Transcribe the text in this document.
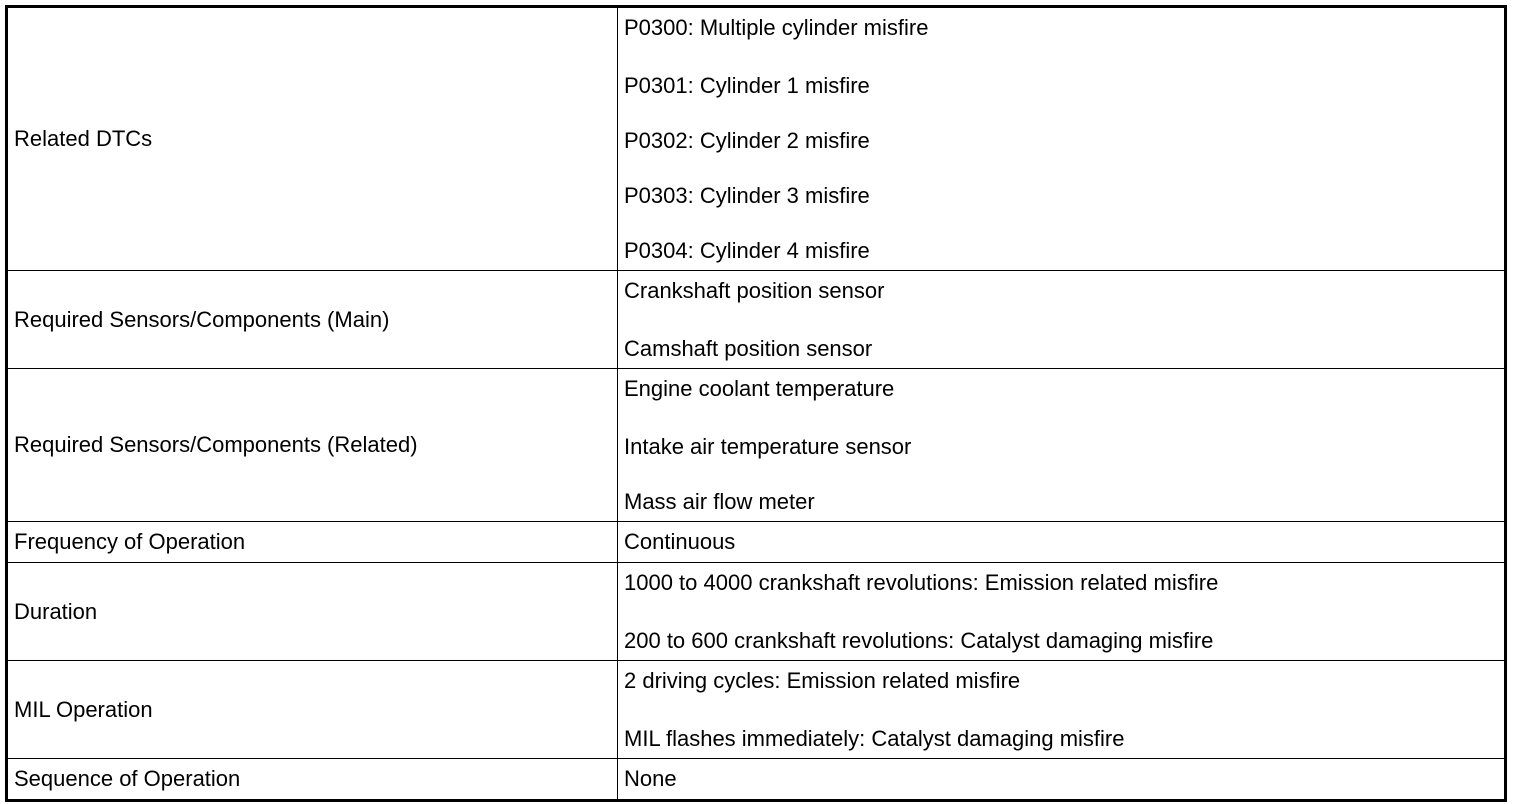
Related DTCs	P0300: Multiple cylinder misfire
P0301: Cylinder 1 misfire
P0302: Cylinder 2 misfire
P0303: Cylinder 3 misfire
P0304: Cylinder 4 misfire

Required Sensors/Components (Main)	Crankshaft position sensor
Camshaft position sensor

Required Sensors/Components (Related)	Engine coolant temperature
Intake air temperature sensor
Mass air flow meter

Frequency of Operation	Continuous

Duration	1000 to 4000 crankshaft revolutions: Emission related misfire
200 to 600 crankshaft revolutions: Catalyst damaging misfire

MIL Operation	2 driving cycles: Emission related misfire
MIL flashes immediately: Catalyst damaging misfire

Sequence of Operation	None
